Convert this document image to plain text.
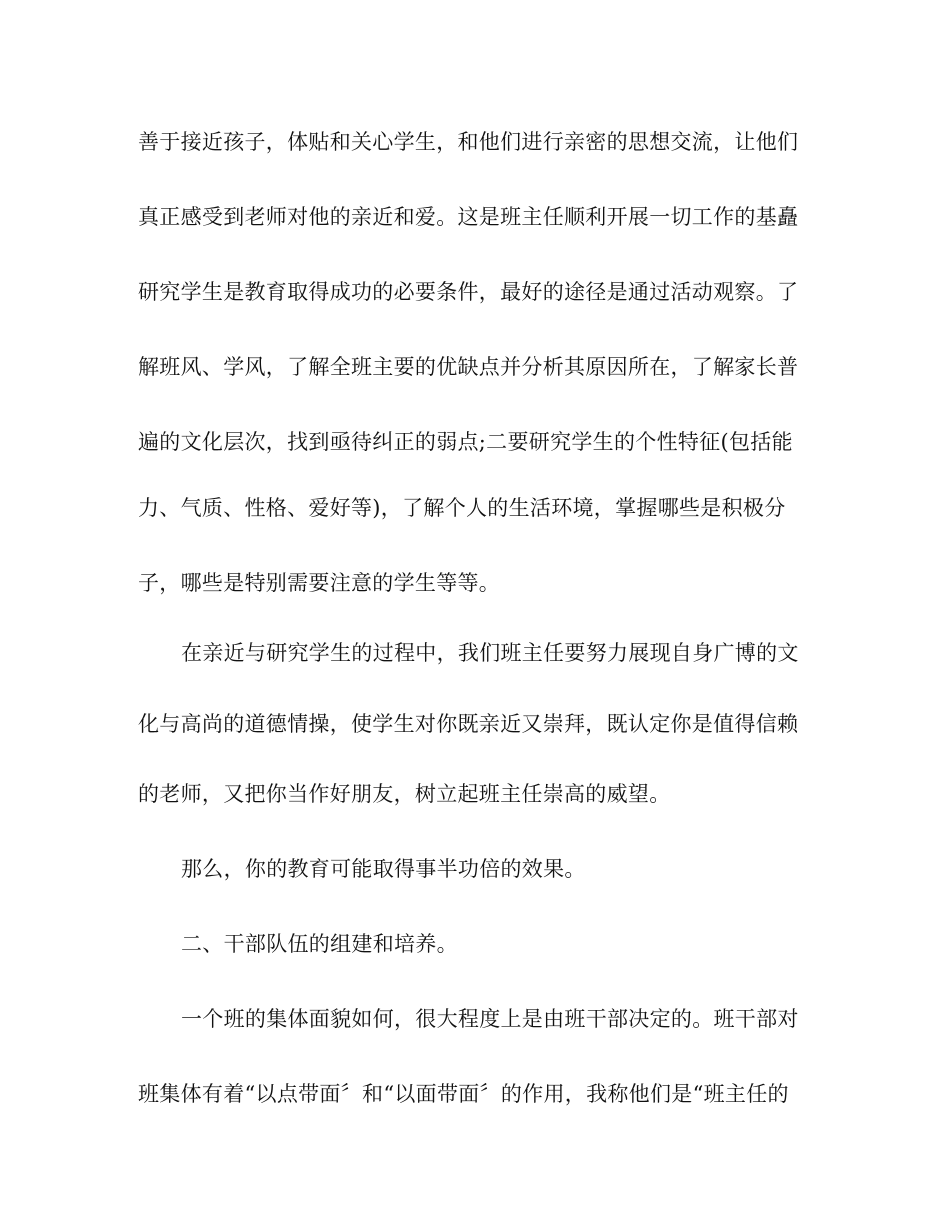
善于接近孩子，体贴和关心学生，和他们进行亲密的思想交流，让他们
真正感受到老师对他的亲近和爱。这是班主任顺利开展一切工作的基矗
研究学生是教育取得成功的必要条件，最好的途径是通过活动观察。了
解班风、学风，了解全班主要的优缺点并分析其原因所在，了解家长普
遍的文化层次，找到亟待纠正的弱点;二要研究学生的个性特征(包括能
力、气质、性格、爱好等)，了解个人的生活环境，掌握哪些是积极分
子，哪些是特别需要注意的学生等等。
在亲近与研究学生的过程中，我们班主任要努力展现自身广博的文
化与高尚的道德情操，使学生对你既亲近又崇拜，既认定你是值得信赖
的老师，又把你当作好朋友，树立起班主任崇高的威望。
那么，你的教育可能取得事半功倍的效果。
二、干部队伍的组建和培养。
一个班的集体面貌如何，很大程度上是由班干部决定的。班干部对
班集体有着“以点带面〞和“以面带面〞的作用，我称他们是“班主任的
